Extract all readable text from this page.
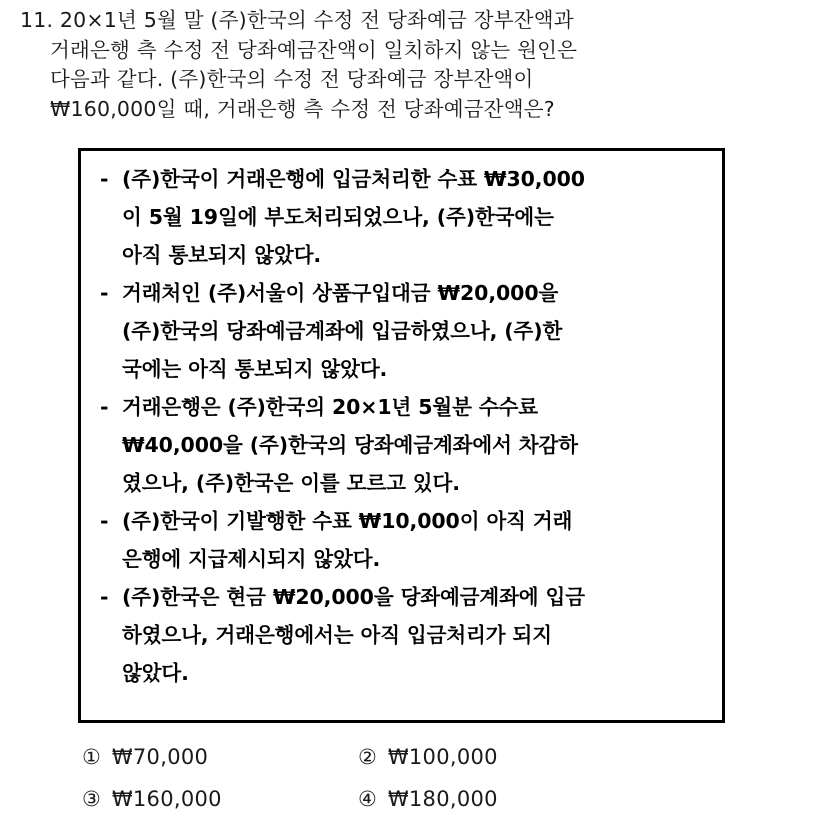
11. 20×1년 5월 말 (주)한국의 수정 전 당좌예금 장부잔액과
거래은행 측 수정 전 당좌예금잔액이 일치하지 않는 원인은
다음과 같다. (주)한국의 수정 전 당좌예금 장부잔액이
₩160,000일 때, 거래은행 측 수정 전 당좌예금잔액은?
- (주)한국이 거래은행에 입금처리한 수표 ₩30,000
이 5월 19일에 부도처리되었으나, (주)한국에는
아직 통보되지 않았다.
- 거래처인 (주)서울이 상품구입대금 ₩20,000을
(주)한국의 당좌예금계좌에 입금하였으나, (주)한
국에는 아직 통보되지 않았다.
- 거래은행은 (주)한국의 20×1년 5월분 수수료
₩40,000을 (주)한국의 당좌예금계좌에서 차감하
였으나, (주)한국은 이를 모르고 있다.
- (주)한국이 기발행한 수표 ₩10,000이 아직 거래
은행에 지급제시되지 않았다.
- (주)한국은 현금 ₩20,000을 당좌예금계좌에 입금
하였으나, 거래은행에서는 아직 입금처리가 되지
않았다.
① ₩70,000	② ₩100,000
③ ₩160,000	④ ₩180,000
